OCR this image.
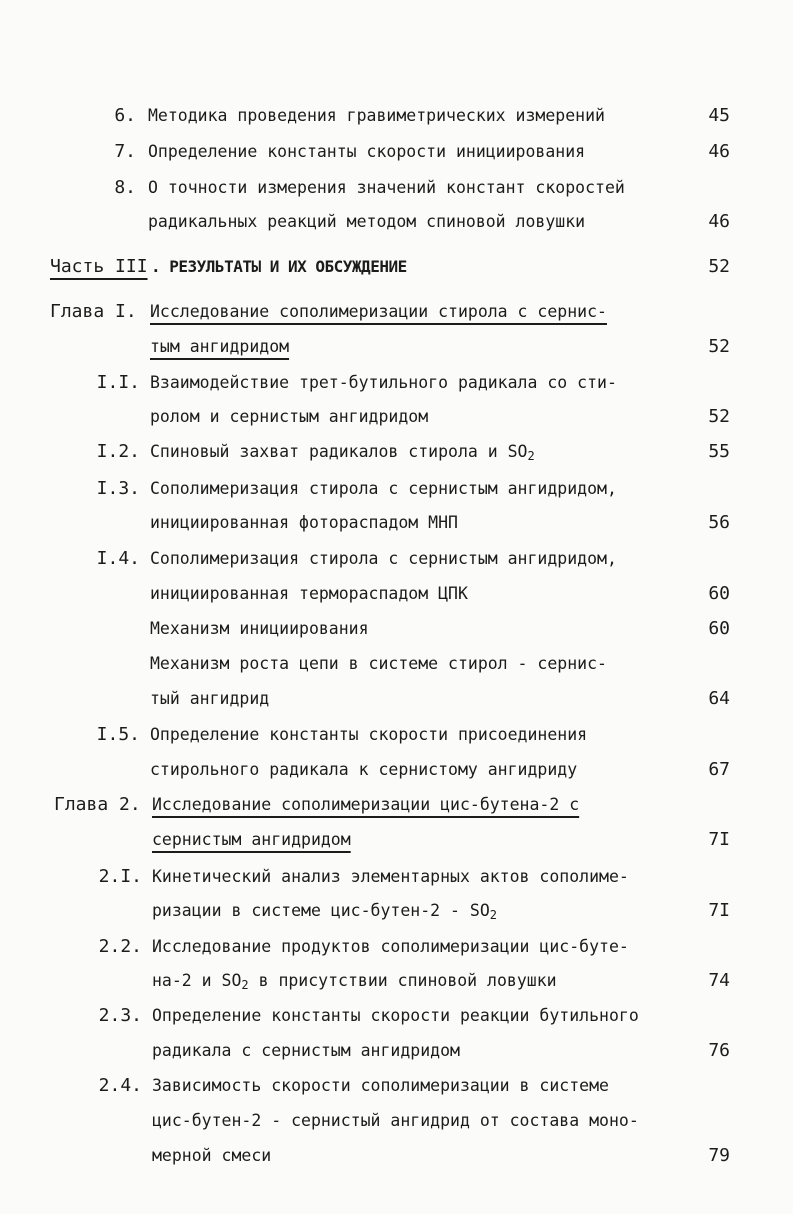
6. Методика проведения гравиметрических измерений	45
7. Определение константы скорости инициирования	46
8. О точности измерения значений констант скоростей
радикальных реакций методом спиновой ловушки	46
Часть III . РЕЗУЛЬТАТЫ И ИХ ОБСУЖДЕНИЕ	52
Глава I. Исследование сополимеризации стирола с сернис-
тым ангидридом	52
I.I. Взаимодействие трет-бутильного радикала со сти-
ролом и сернистым ангидридом	52
I.2. Спиновый захват радикалов стирола и $SO_2$	55
I.3. Сополимеризация стирола с сернистым ангидридом,
инициированная фотораспадом МНП	56
I.4. Сополимеризация стирола с сернистым ангидридом,
инициированная термораспадом ЦПК	60
Механизм инициирования	60
Механизм роста цепи в системе стирол - сернис-
тый ангидрид	64
I.5. Определение константы скорости присоединения
стирольного радикала к сернистому ангидриду	67
Глава 2. Исследование сополимеризации цис-бутена-2 с
сернистым ангидридом	7I
2.I. Кинетический анализ элементарных актов сополиме-
ризации в системе цис-бутен-2 - $SO_2$	7I
2.2. Исследование продуктов сополимеризации цис-буте-
на-2 и $SO_2$ в присутствии спиновой ловушки	74
2.3. Определение константы скорости реакции бутильного
радикала с сернистым ангидридом	76
2.4. Зависимость скорости сополимеризации в системе
цис-бутен-2 - сернистый ангидрид от состава моно-
мерной смеси	79
